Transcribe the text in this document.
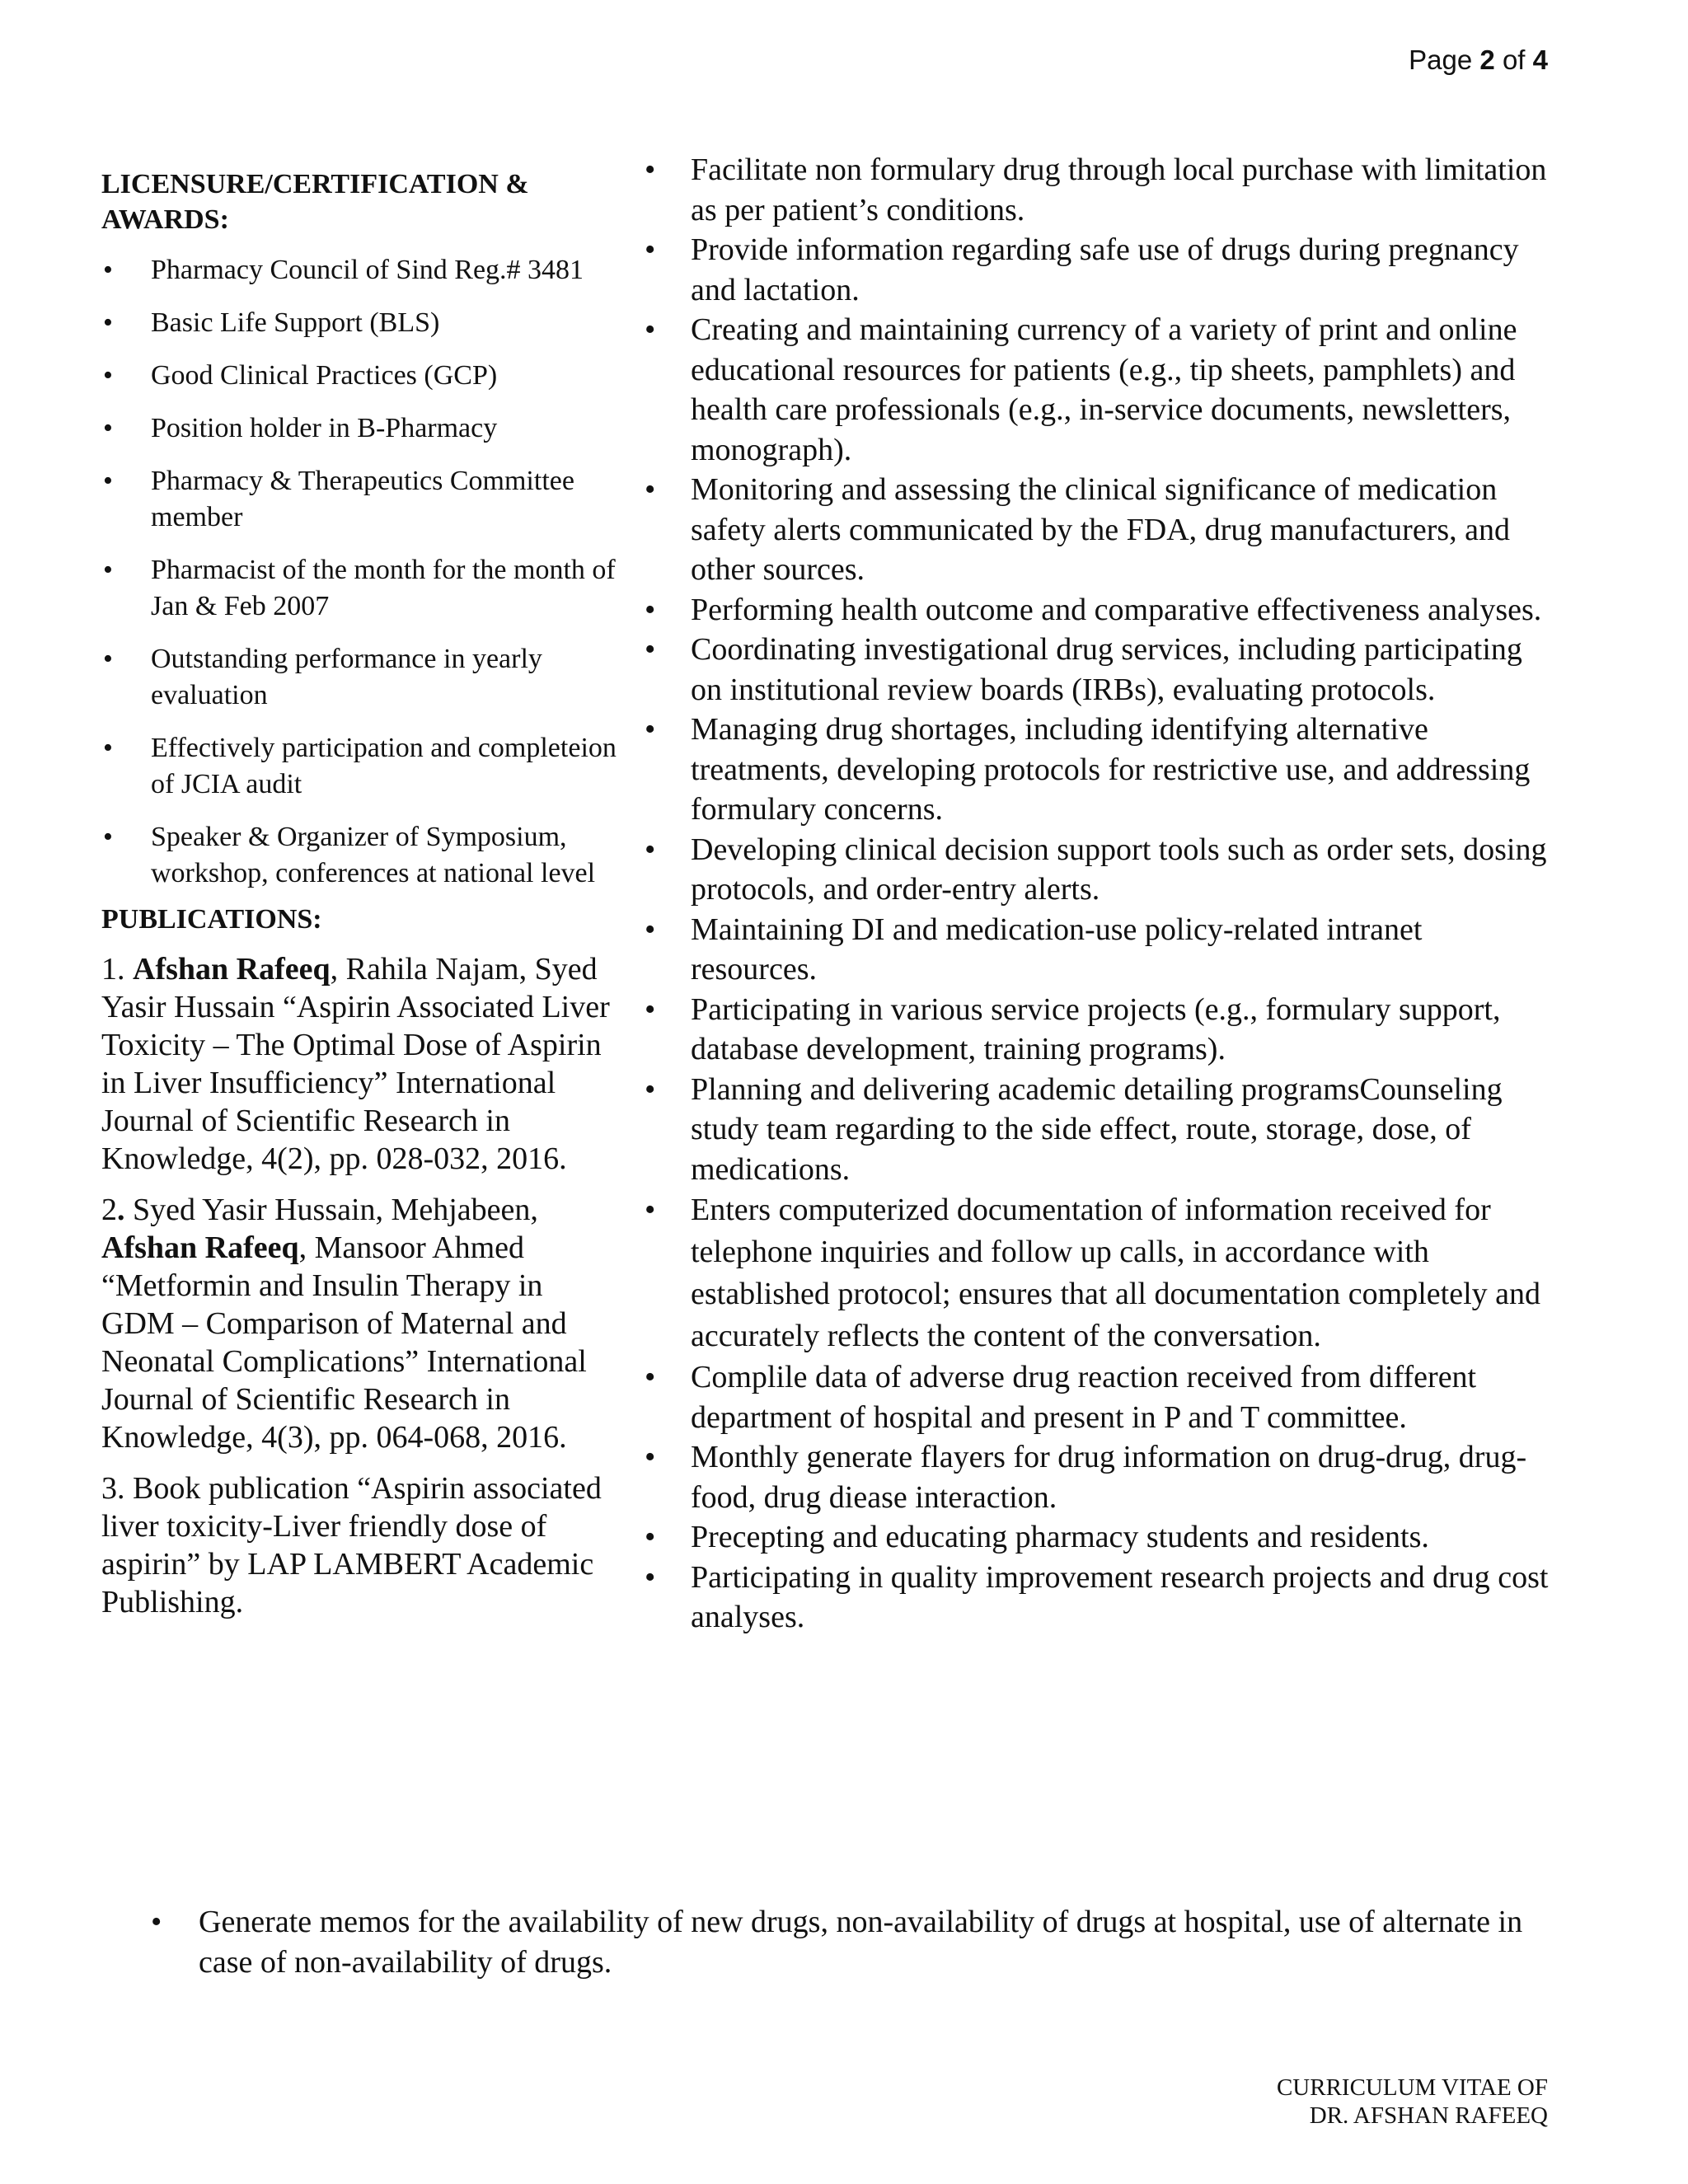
Page 2 of 4
LICENSURE/CERTIFICATION & AWARDS:
• Pharmacy Council of Sind Reg.# 3481
• Basic Life Support (BLS)
• Good Clinical Practices (GCP)
• Position holder in B-Pharmacy
• Pharmacy & Therapeutics Committee member
• Pharmacist of the month for the month of Jan & Feb 2007
• Outstanding performance in yearly evaluation
• Effectively participation and completeion of JCIA audit
• Speaker & Organizer of Symposium, workshop, conferences at national level
PUBLICATIONS:

1. Afshan Rafeeq, Rahila Najam, Syed Yasir Hussain “Aspirin Associated Liver Toxicity – The Optimal Dose of Aspirin in Liver Insufficiency” International Journal of Scientific Research in Knowledge, 4(2), pp. 028-032, 2016.

2. Syed Yasir Hussain, Mehjabeen, Afshan Rafeeq, Mansoor Ahmed “Metformin and Insulin Therapy in GDM – Comparison of Maternal and Neonatal Complications” International Journal of Scientific Research in Knowledge, 4(3), pp. 064-068, 2016.

3. Book publication “Aspirin associated liver toxicity-Liver friendly dose of aspirin” by LAP LAMBERT Academic Publishing.

• Facilitate non formulary drug through local purchase with limitation as per patient’s conditions.
• Provide information regarding safe use of drugs during pregnancy and lactation.
• Creating and maintaining currency of a variety of print and online educational resources for patients (e.g., tip sheets, pamphlets) and health care professionals (e.g., in-service documents, newsletters, monograph).
• Monitoring and assessing the clinical significance of medication safety alerts communicated by the FDA, drug manufacturers, and other sources.
• Performing health outcome and comparative effectiveness analyses.
• Coordinating investigational drug services, including participating on institutional review boards (IRBs), evaluating protocols.
• Managing drug shortages, including identifying alternative treatments, developing protocols for restrictive use, and addressing formulary concerns.
• Developing clinical decision support tools such as order sets, dosing protocols, and order-entry alerts.
• Maintaining DI and medication-use policy-related intranet resources.
• Participating in various service projects (e.g., formulary support, database development, training programs).
• Planning and delivering academic detailing programsCounseling study team regarding to the side effect, route, storage, dose, of medications.
• Enters computerized documentation of information received for telephone inquiries and follow up calls, in accordance with established protocol; ensures that all documentation completely and accurately reflects the content of the conversation.
• Complile data of adverse drug reaction received from different department of hospital and present in P and T committee.
• Monthly generate flayers for drug information on drug-drug, drug-food, drug diease interaction.
• Precepting and educating pharmacy students and residents.
• Participating in quality improvement research projects and drug cost analyses.
• Generate memos for the availability of new drugs, non-availability of drugs at hospital, use of alternate in case of non-availability of drugs.
CURRICULUM VITAE OF
DR. AFSHAN RAFEEQ
